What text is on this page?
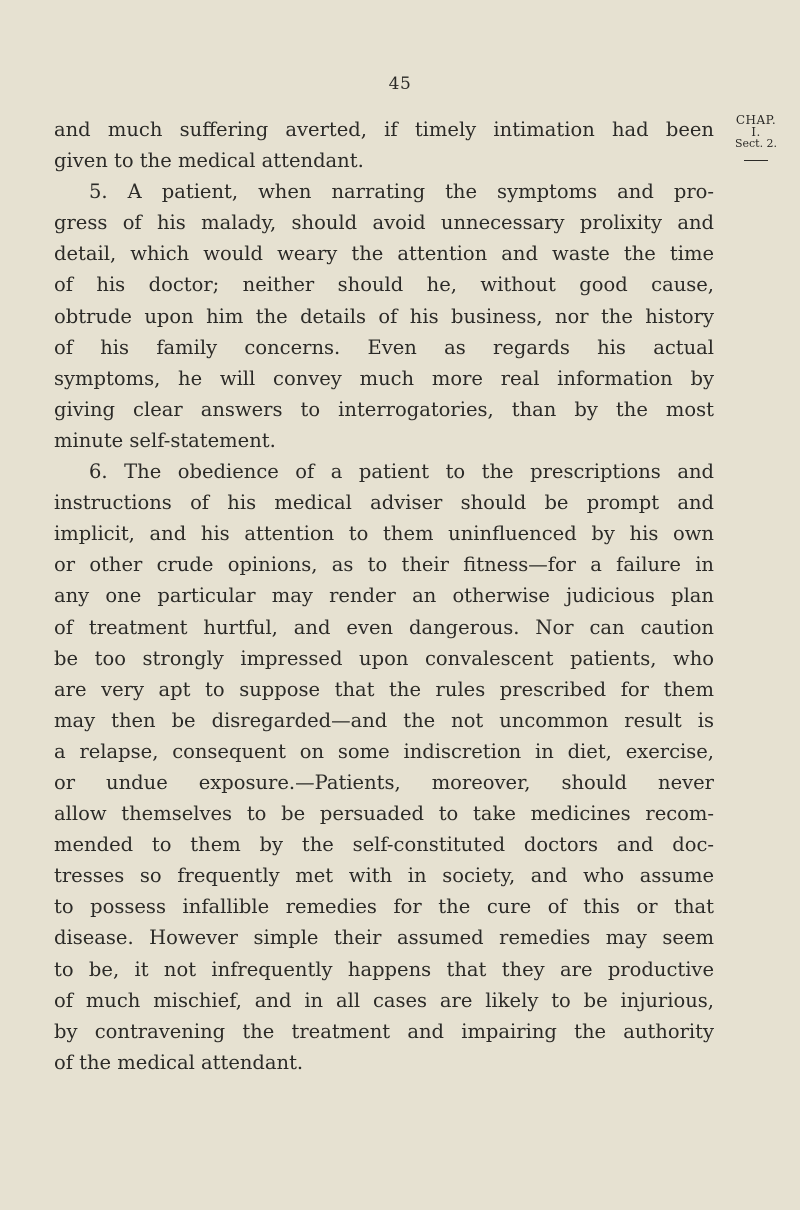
45
CHAP. I.
Sect. 2.
and much suffering averted, if timely intimation had been
given to the medical attendant.
5. A patient, when narrating the symptoms and pro-
gress of his malady, should avoid unnecessary prolixity and
detail, which would weary the attention and waste the time
of his doctor; neither should he, without good cause,
obtrude upon him the details of his business, nor the history
of his family concerns. Even as regards his actual
symptoms, he will convey much more real information by
giving clear answers to interrogatories, than by the most
minute self-statement.
6. The obedience of a patient to the prescriptions and
instructions of his medical adviser should be prompt and
implicit, and his attention to them uninfluenced by his own
or other crude opinions, as to their fitness—for a failure in
any one particular may render an otherwise judicious plan
of treatment hurtful, and even dangerous. Nor can caution
be too strongly impressed upon convalescent patients, who
are very apt to suppose that the rules prescribed for them
may then be disregarded—and the not uncommon result is
a relapse, consequent on some indiscretion in diet, exercise,
or undue exposure.—Patients, moreover, should never
allow themselves to be persuaded to take medicines recom-
mended to them by the self-constituted doctors and doc-
tresses so frequently met with in society, and who assume
to possess infallible remedies for the cure of this or that
disease. However simple their assumed remedies may seem
to be, it not infrequently happens that they are productive
of much mischief, and in all cases are likely to be injurious,
by contravening the treatment and impairing the authority
of the medical attendant.
